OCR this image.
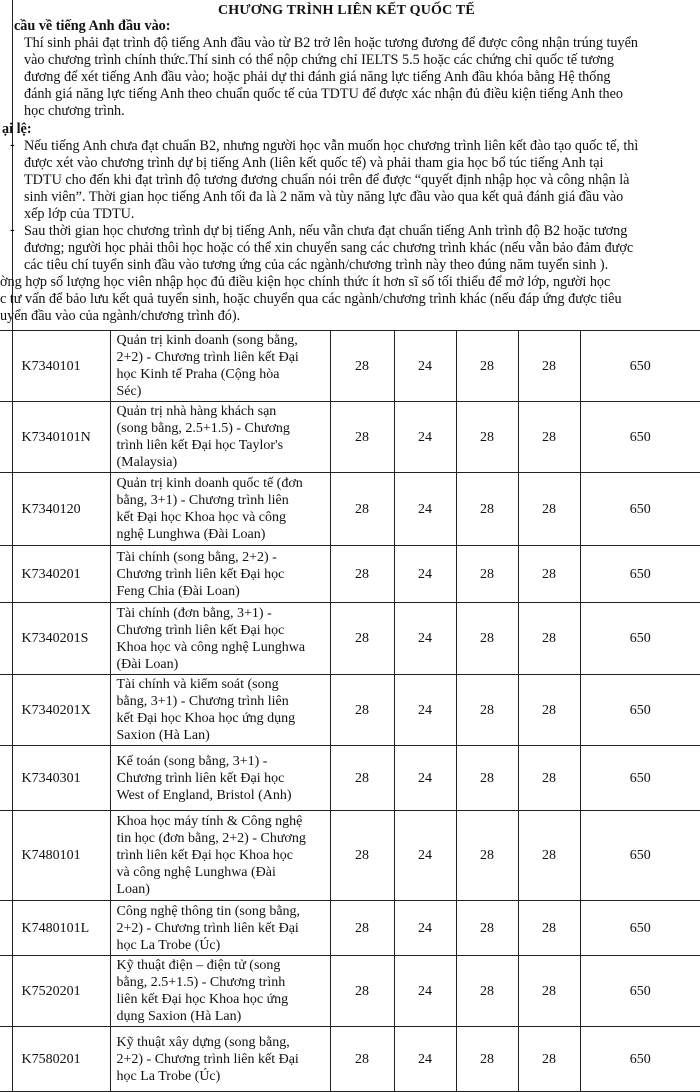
CHƯƠNG TRÌNH LIÊN KẾT QUỐC TẾ
cầu về tiếng Anh đầu vào:
Thí sinh phải đạt trình độ tiếng Anh đầu vào từ B2 trở lên hoặc tương đương để được công nhận trúng tuyển
vào chương trình chính thức.Thí sinh có thể nộp chứng chỉ IELTS 5.5 hoặc các chứng chỉ quốc tế tương
đương để xét tiếng Anh đầu vào; hoặc phải dự thi đánh giá năng lực tiếng Anh đầu khóa bằng Hệ thống
đánh giá năng lực tiếng Anh theo chuẩn quốc tế của TDTU để được xác nhận đủ điều kiện tiếng Anh theo
học chương trình.
ại lệ:
- Nếu tiếng Anh chưa đạt chuẩn B2, nhưng người học vẫn muốn học chương trình liên kết đào tạo quốc tế, thì
được xét vào chương trình dự bị tiếng Anh (liên kết quốc tế) và phải tham gia học bổ túc tiếng Anh tại
TDTU cho đến khi đạt trình độ tương đương chuẩn nói trên để được “quyết định nhập học và công nhận là
sinh viên”. Thời gian học tiếng Anh tối đa là 2 năm và tùy năng lực đầu vào qua kết quả đánh giá đầu vào
xếp lớp của TDTU.
- Sau thời gian học chương trình dự bị tiếng Anh, nếu vẫn chưa đạt chuẩn tiếng Anh trình độ B2 hoặc tương
đương; người học phải thôi học hoặc có thể xin chuyển sang các chương trình khác (nếu vẫn bảo đảm được
các tiêu chí tuyển sinh đầu vào tương ứng của các ngành/chương trình này theo đúng năm tuyển sinh ).
ờng hợp số lượng học viên nhập học đủ điều kiện học chính thức ít hơn sĩ số tối thiểu để mở lớp, người học
c tư vấn để bảo lưu kết quả tuyển sinh, hoặc chuyển qua các ngành/chương trình khác (nếu đáp ứng được tiêu
uyển đầu vào của ngành/chương trình đó).
	K7340101	Quản trị kinh doanh (song bằng,
2+2) - Chương trình liên kết Đại
học Kinh tế Praha (Cộng hòa
Séc)	28	24	28	28	650
	K7340101N	Quản trị nhà hàng khách sạn
(song bằng, 2.5+1.5) - Chương
trình liên kết Đại học Taylor's
(Malaysia)	28	24	28	28	650
	K7340120	Quản trị kinh doanh quốc tế (đơn
bằng, 3+1) - Chương trình liên
kết Đại học Khoa học và công
nghệ Lunghwa (Đài Loan)	28	24	28	28	650
	K7340201	Tài chính (song bằng, 2+2) -
Chương trình liên kết Đại học
Feng Chia (Đài Loan)	28	24	28	28	650
	K7340201S	Tài chính (đơn bằng, 3+1) -
Chương trình liên kết Đại học
Khoa học và công nghệ Lunghwa
(Đài Loan)	28	24	28	28	650
	K7340201X	Tài chính và kiểm soát (song
bằng, 3+1) - Chương trình liên
kết Đại học Khoa học ứng dụng
Saxion (Hà Lan)	28	24	28	28	650
	K7340301	Kế toán (song bằng, 3+1) -
Chương trình liên kết Đại học
West of England, Bristol (Anh)	28	24	28	28	650
	K7480101	Khoa học máy tính & Công nghệ
tin học (đơn bằng, 2+2) - Chương
trình liên kết Đại học Khoa học
và công nghệ Lunghwa (Đài
Loan)	28	24	28	28	650
	K7480101L	Công nghệ thông tin (song bằng,
2+2) - Chương trình liên kết Đại
học La Trobe (Úc)	28	24	28	28	650
	K7520201	Kỹ thuật điện – điện tử (song
bằng, 2.5+1.5) - Chương trình
liên kết Đại học Khoa học ứng
dụng Saxion (Hà Lan)	28	24	28	28	650
	K7580201	Kỹ thuật xây dựng (song bằng,
2+2) - Chương trình liên kết Đại
học La Trobe (Úc)	28	24	28	28	650
